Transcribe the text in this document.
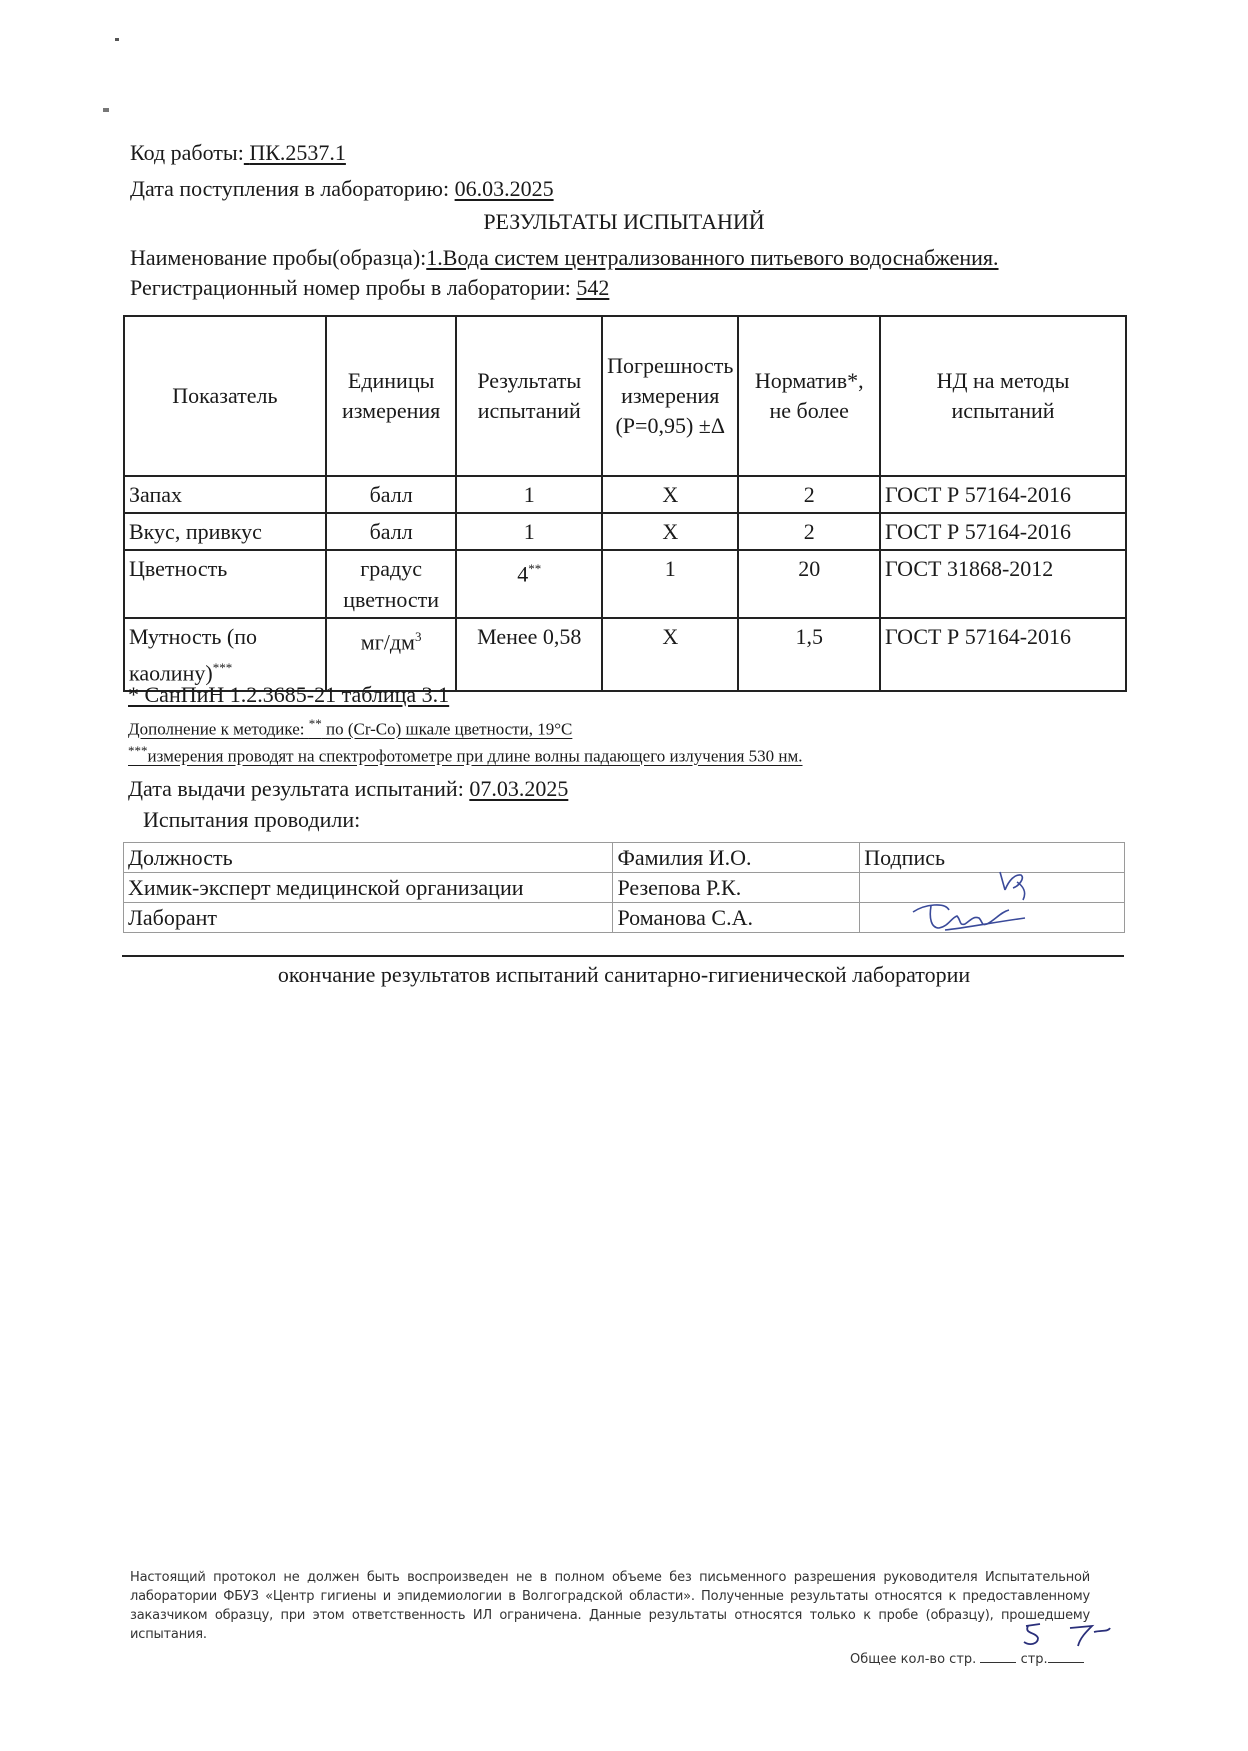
Код работы: ПК.2537.1
Дата поступления в лабораторию: 06.03.2025
РЕЗУЛЬТАТЫ ИСПЫТАНИЙ
Наименование пробы(образца):1.Вода систем централизованного питьевого водоснабжения.
Регистрационный номер пробы в лаборатории: 542
Показатель	Единицы измерения	Результаты испытаний	Погрешность измерения (Р=0,95) ±Δ	Норматив*, не более	НД на методы испытаний
Запах	балл	1	Х	2	ГОСТ Р 57164-2016
Вкус, привкус	балл	1	Х	2	ГОСТ Р 57164-2016
Цветность	градус цветности	4**	1	20	ГОСТ 31868-2012
Мутность (по каолину)***	$мг/дм^3$	Менее 0,58	Х	1,5	ГОСТ Р 57164-2016
* СанПиН 1.2.3685-21 таблица 3.1
Дополнение к методике: ** по (Cr-Co) шкале цветности, 19°С
***измерения проводят на спектрофотометре при длине волны падающего излучения 530 нм.
Дата выдачи результата испытаний: 07.03.2025
Испытания проводили:
Должность	Фамилия И.О.	Подпись
Химик-эксперт медицинской организации	Резепова Р.К.	
Лаборант	Романова С.А.	
окончание результатов испытаний санитарно-гигиенической лаборатории
Настоящий протокол не должен быть воспроизведен не в полном объеме без письменного разрешения руководителя Испытательной лаборатории ФБУЗ «Центр гигиены и эпидемиологии в Волгоградской области». Полученные результаты относятся к предоставленному заказчиком образцу, при этом ответственность ИЛ ограничена. Данные результаты относятся только к пробе (образцу), прошедшему испытания.
Общее кол-во стр.	стр.
